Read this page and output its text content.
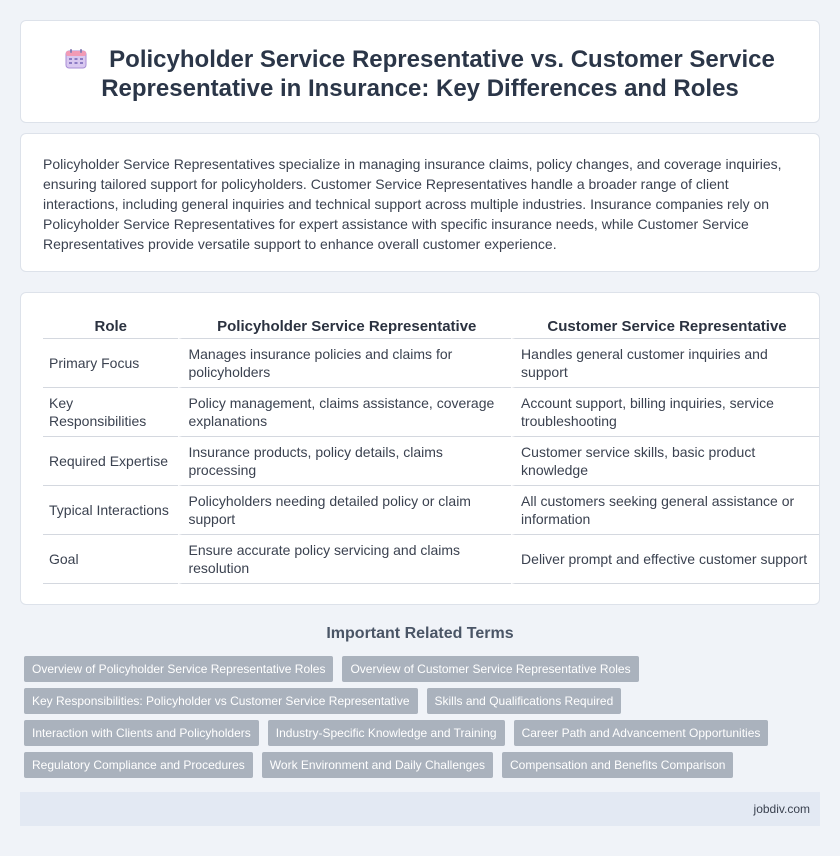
Policyholder Service Representative vs. Customer Service Representative in Insurance: Key Differences and Roles

Policyholder Service Representatives specialize in managing insurance claims, policy changes, and coverage inquiries, ensuring tailored support for policyholders. Customer Service Representatives handle a broader range of client interactions, including general inquiries and technical support across multiple industries. Insurance companies rely on Policyholder Service Representatives for expert assistance with specific insurance needs, while Customer Service Representatives provide versatile support to enhance overall customer experience.

Role	Policyholder Service Representative	Customer Service Representative
Primary Focus	Manages insurance policies and claims for policyholders	Handles general customer inquiries and support
Key Responsibilities	Policy management, claims assistance, coverage explanations	Account support, billing inquiries, service troubleshooting
Required Expertise	Insurance products, policy details, claims processing	Customer service skills, basic product knowledge
Typical Interactions	Policyholders needing detailed policy or claim support	All customers seeking general assistance or information
Goal	Ensure accurate policy servicing and claims resolution	Deliver prompt and effective customer support
Important Related Terms
Overview of Policyholder Service Representative Roles Overview of Customer Service Representative Roles
Key Responsibilities: Policyholder vs Customer Service Representative Skills and Qualifications Required
Interaction with Clients and Policyholders Industry-Specific Knowledge and Training Career Path and Advancement Opportunities
Regulatory Compliance and Procedures Work Environment and Daily Challenges Compensation and Benefits Comparison
jobdiv.com
